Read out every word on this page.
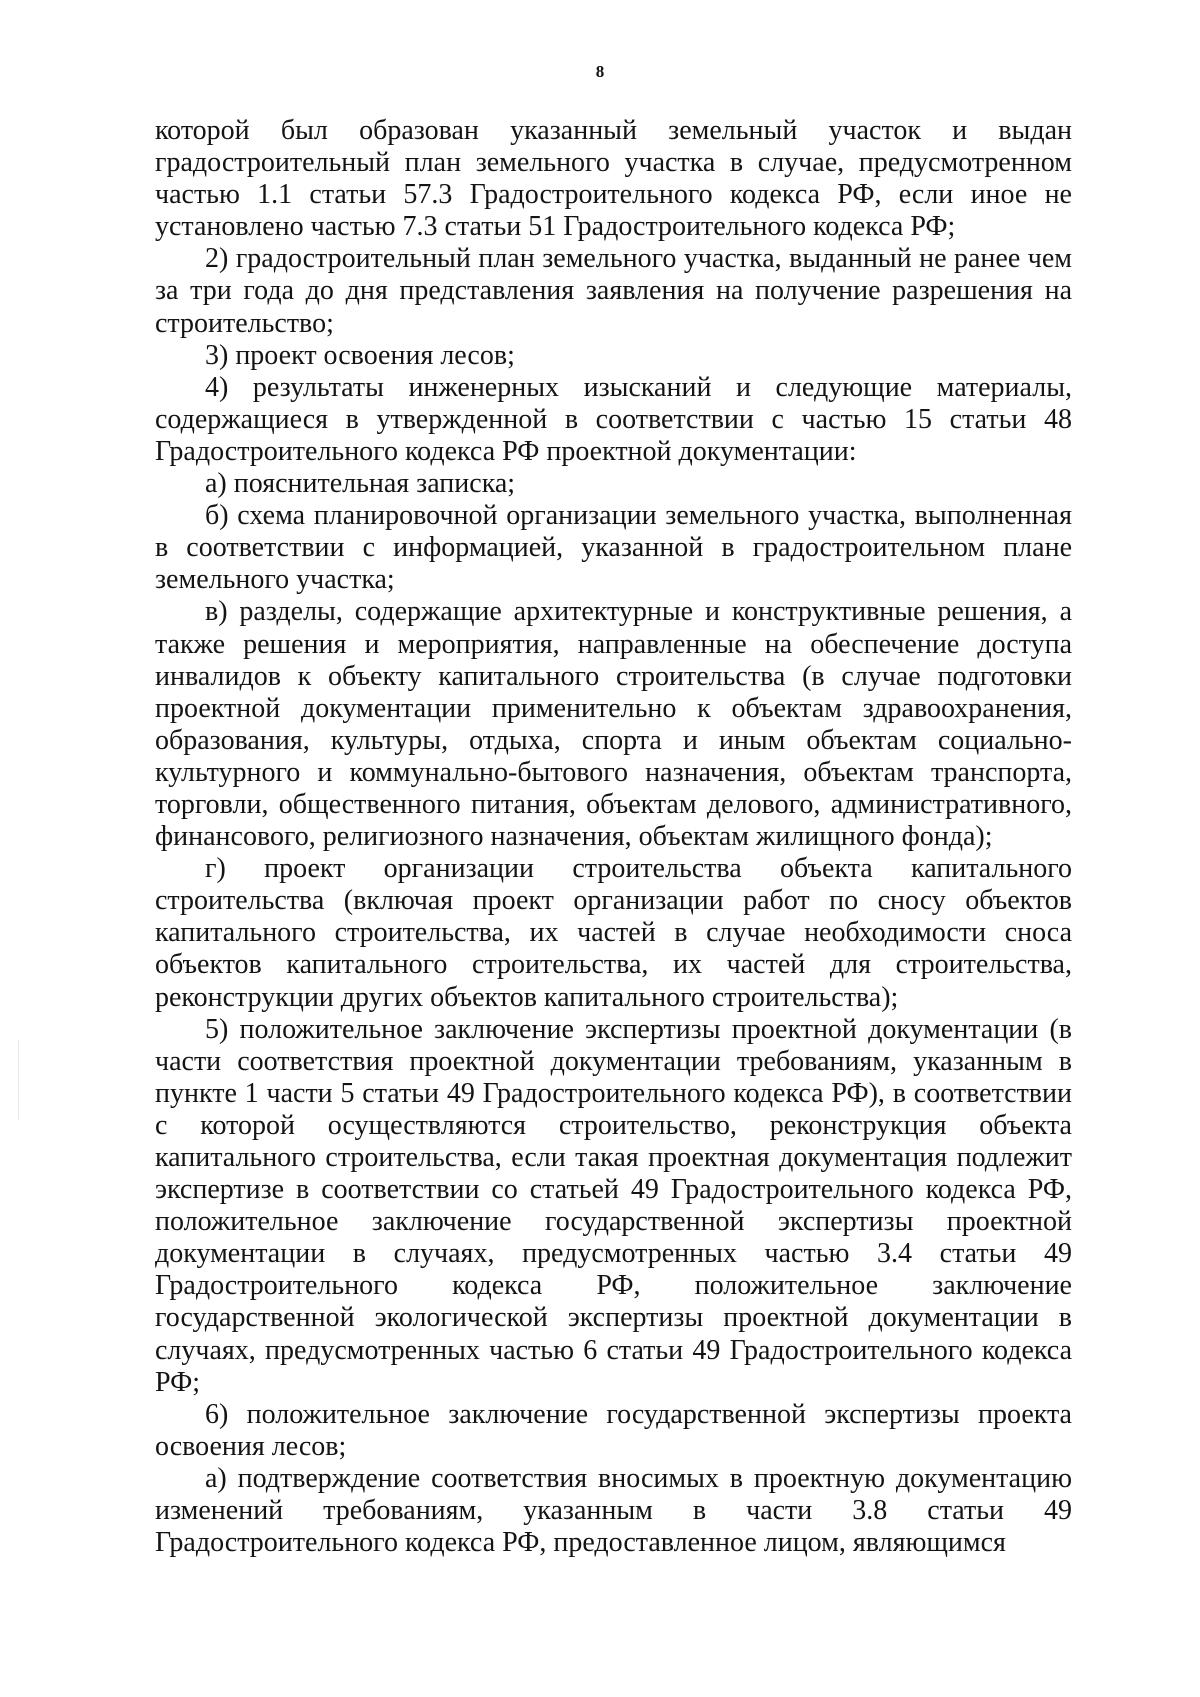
8

которой был образован указанный земельный участок и выдан градостроительный план земельного участка в случае, предусмотренном частью 1.1 статьи 57.3 Градостроительного кодекса РФ, если иное не установлено частью 7.3 статьи 51 Градостроительного кодекса РФ;

2) градостроительный план земельного участка, выданный не ранее чем за три года до дня представления заявления на получение разрешения на строительство;

3) проект освоения лесов;

4) результаты инженерных изысканий и следующие материалы, содержащиеся в утвержденной в соответствии с частью 15 статьи 48 Градостроительного кодекса РФ проектной документации:

а) пояснительная записка;

б) схема планировочной организации земельного участка, выполненная в соответствии с информацией, указанной в градостроительном плане земельного участка;

в) разделы, содержащие архитектурные и конструктивные решения, а также решения и мероприятия, направленные на обеспечение доступа инвалидов к объекту капитального строительства (в случае подготовки проектной документации применительно к объектам здравоохранения, образования, культуры, отдыха, спорта и иным объектам социально-культурного и коммунально-бытового назначения, объектам транспорта, торговли, общественного питания, объектам делового, административного, финансового, религиозного назначения, объектам жилищного фонда);

г) проект организации строительства объекта капитального строительства (включая проект организации работ по сносу объектов капитального строительства, их частей в случае необходимости сноса объектов капитального строительства, их частей для строительства, реконструкции других объектов капитального строительства);

5) положительное заключение экспертизы проектной документации (в части соответствия проектной документации требованиям, указанным в пункте 1 части 5 статьи 49 Градостроительного кодекса РФ), в соответствии с которой осуществляются строительство, реконструкция объекта капитального строительства, если такая проектная документация подлежит экспертизе в соответствии со статьей 49 Градостроительного кодекса РФ, положительное заключение государственной экспертизы проектной документации в случаях, предусмотренных частью 3.4 статьи 49 Градостроительного кодекса РФ, положительное заключение государственной экологической экспертизы проектной документации в случаях, предусмотренных частью 6 статьи 49 Градостроительного кодекса РФ;

6) положительное заключение государственной экспертизы проекта освоения лесов;

а) подтверждение соответствия вносимых в проектную документацию изменений требованиям, указанным в части 3.8 статьи 49 Градостроительного кодекса РФ, предоставленное лицом, являющимся
